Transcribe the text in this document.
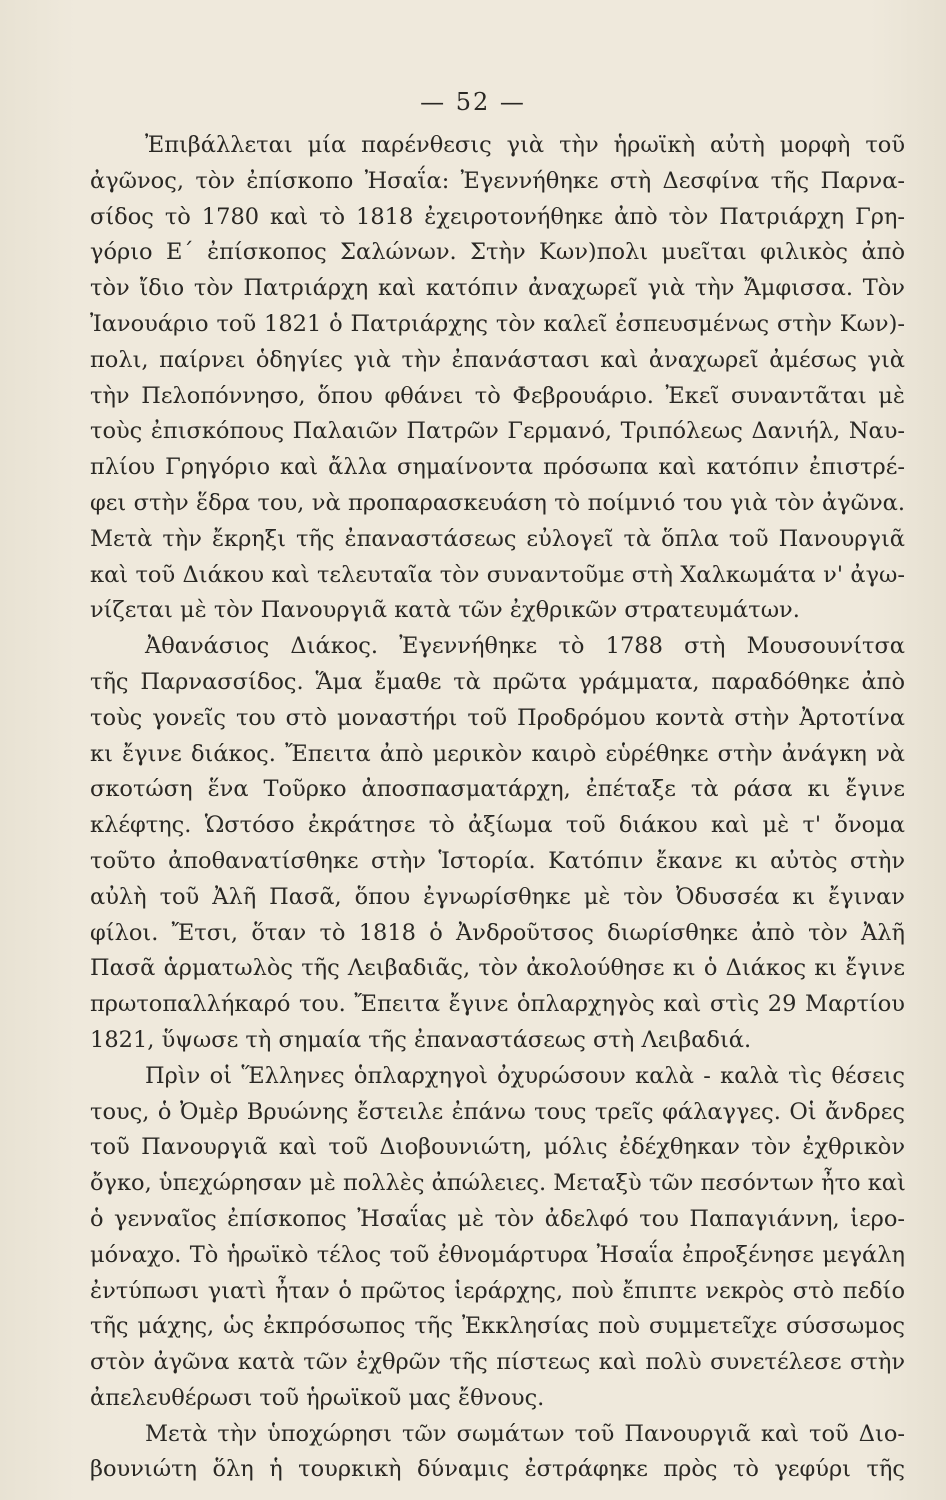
— 52 —
Ἐπιβάλλεται μία παρένθεσις γιὰ τὴν ἡρωϊκὴ αὐτὴ μορφὴ τοῦ
ἀγῶνος, τὸν ἐπίσκοπο Ἠσαΐα: Ἐγεννήθηκε στὴ Δεσφίνα τῆς Παρνα-
σίδος τὸ 1780 καὶ τὸ 1818 ἐχειροτονήθηκε ἀπὸ τὸν Πατριάρχη Γρη-
γόριο Ε΄ ἐπίσκοπος Σαλώνων. Στὴν Κων)πολι μυεῖται φιλικὸς ἀπὸ
τὸν ἴδιο τὸν Πατριάρχη καὶ κατόπιν ἀναχωρεῖ γιὰ τὴν Ἄμφισσα. Τὸν
Ἰανουάριο τοῦ 1821 ὁ Πατριάρχης τὸν καλεῖ ἐσπευσμένως στὴν Κων)-
πολι, παίρνει ὁδηγίες γιὰ τὴν ἐπανάστασι καὶ ἀναχωρεῖ ἀμέσως γιὰ
τὴν Πελοπόννησο, ὅπου φθάνει τὸ Φεβρουάριο. Ἐκεῖ συναντᾶται μὲ
τοὺς ἐπισκόπους Παλαιῶν Πατρῶν Γερμανό, Τριπόλεως Δανιήλ, Ναυ-
πλίου Γρηγόριο καὶ ἄλλα σημαίνοντα πρόσωπα καὶ κατόπιν ἐπιστρέ-
φει στὴν ἕδρα του, νὰ προπαρασκευάση τὸ ποίμνιό του γιὰ τὸν ἀγῶνα.
Μετὰ τὴν ἔκρηξι τῆς ἐπαναστάσεως εὐλογεῖ τὰ ὅπλα τοῦ Πανουργιᾶ
καὶ τοῦ Διάκου καὶ τελευταῖα τὸν συναντοῦμε στὴ Χαλκωμάτα ν' ἀγω-
νίζεται μὲ τὸν Πανουργιᾶ κατὰ τῶν ἐχθρικῶν στρατευμάτων.
Ἀθανάσιος Διάκος. Ἐγεννήθηκε τὸ 1788 στὴ Μουσουνίτσα
τῆς Παρνασσίδος. Ἅμα ἔμαθε τὰ πρῶτα γράμματα, παραδόθηκε ἀπὸ
τοὺς γονεῖς του στὸ μοναστήρι τοῦ Προδρόμου κοντὰ στὴν Ἀρτοτίνα
κι ἔγινε διάκος. Ἔπειτα ἀπὸ μερικὸν καιρὸ εὑρέθηκε στὴν ἀνάγκη νὰ
σκοτώση ἕνα Τοῦρκο ἀποσπασματάρχη, ἐπέταξε τὰ ράσα κι ἔγινε
κλέφτης. Ὡστόσο ἐκράτησε τὸ ἀξίωμα τοῦ διάκου καὶ μὲ τ' ὄνομα
τοῦτο ἀποθανατίσθηκε στὴν Ἱστορία. Κατόπιν ἔκανε κι αὐτὸς στὴν
αὐλὴ τοῦ Ἀλῆ Πασᾶ, ὅπου ἐγνωρίσθηκε μὲ τὸν Ὀδυσσέα κι ἔγιναν
φίλοι. Ἔτσι, ὅταν τὸ 1818 ὁ Ἀνδροῦτσος διωρίσθηκε ἀπὸ τὸν Ἀλῆ
Πασᾶ ἁρματωλὸς τῆς Λειβαδιᾶς, τὸν ἀκολούθησε κι ὁ Διάκος κι ἔγινε
πρωτοπαλλήκαρό του. Ἔπειτα ἔγινε ὁπλαρχηγὸς καὶ στὶς 29 Μαρτίου
1821, ὕψωσε τὴ σημαία τῆς ἐπαναστάσεως στὴ Λειβαδιά.
Πρὶν οἱ Ἕλληνες ὁπλαρχηγοὶ ὀχυρώσουν καλὰ - καλὰ τὶς θέσεις
τους, ὁ Ὀμὲρ Βρυώνης ἔστειλε ἐπάνω τους τρεῖς φάλαγγες. Οἱ ἄνδρες
τοῦ Πανουργιᾶ καὶ τοῦ Διοβουνιώτη, μόλις ἐδέχθηκαν τὸν ἐχθρικὸν
ὄγκο, ὑπεχώρησαν μὲ πολλὲς ἀπώλειες. Μεταξὺ τῶν πεσόντων ἦτο καὶ
ὁ γενναῖος ἐπίσκοπος Ἠσαΐας μὲ τὸν ἀδελφό του Παπαγιάννη, ἱερο-
μόναχο. Τὸ ἡρωϊκὸ τέλος τοῦ ἐθνομάρτυρα Ἠσαΐα ἐπροξένησε μεγάλη
ἐντύπωσι γιατὶ ἦταν ὁ πρῶτος ἱεράρχης, ποὺ ἔπιπτε νεκρὸς στὸ πεδίο
τῆς μάχης, ὡς ἐκπρόσωπος τῆς Ἐκκλησίας ποὺ συμμετεῖχε σύσσωμος
στὸν ἀγῶνα κατὰ τῶν ἐχθρῶν τῆς πίστεως καὶ πολὺ συνετέλεσε στὴν
ἀπελευθέρωσι τοῦ ἡρωϊκοῦ μας ἔθνους.
Μετὰ τὴν ὑποχώρησι τῶν σωμάτων τοῦ Πανουργιᾶ καὶ τοῦ Διο-
βουνιώτη ὅλη ἡ τουρκικὴ δύναμις ἐστράφηκε πρὸς τὸ γεφύρι τῆς
